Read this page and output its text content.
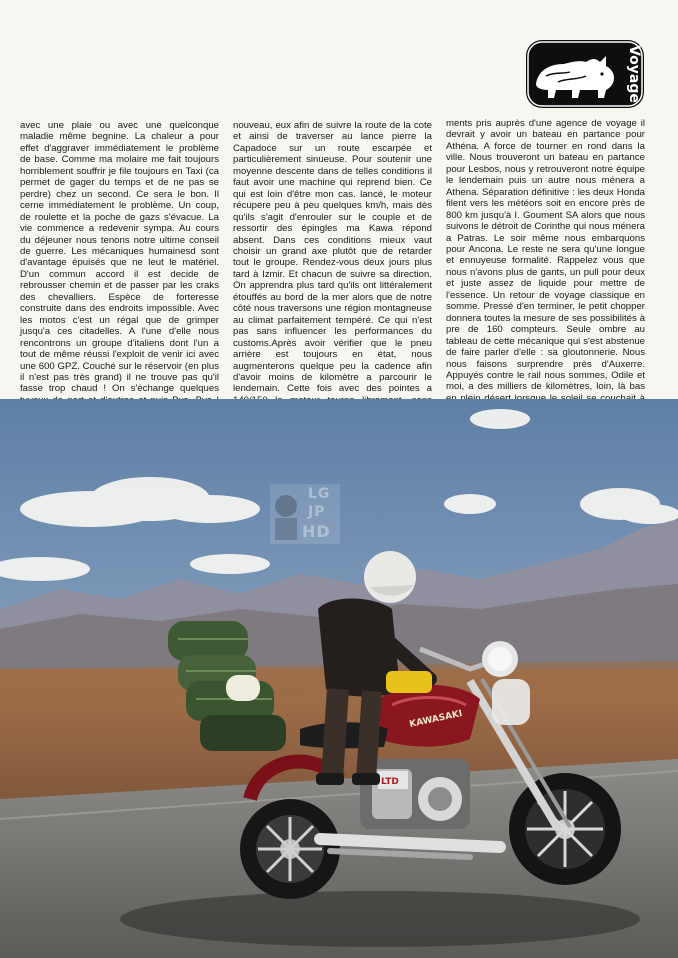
Voyage

avec une plaie ou avec une quelconque maladie même begnine. La chaleur a pour effet d'aggraver immédiatement le problème de base. Comme ma molaire me fait toujours horriblement souffrir je file toujours en Taxi (ca permet de gager du temps et de ne pas se perdre) chez un second. Ce sera le bon. Il cerne immédiatement le problème. Un coup, de roulette et la poche de gazs s'évacue. La vie commence a redevenir sympa. Au cours du déjeuner nous tenons notre ultime conseil de guerre. Les mécaniques humainesd sont d'avantage épuisés que ne leut le matériel. D'un commun accord il est decide de rebrousser chemin et de passer par les craks des chevalliers. Espèce de forteresse construite dans des endroits impossible. Avec les motos c'est un régal que de grimper jusqu'a ces citadelles. A l'une d'elle nous rencontrons un groupe d'italiens dont l'un a tout de même réussi l'exploit de venir ici avec une 600 GPZ. Couché sur le réservoir (en plus il n'est pas très grand) il ne trouve pas qu'il fasse trop chaud ! On s'échange quelques

nouveau, eux afin de suivre la route de la cote et ainsi de traverser au lance pierre la Capadoce sur un route escarpée et particulièrement sinueuse. Pour soutenir une moyenne descente dans de telles conditions il faut avoir une machine qui reprend bien. Ce qui est loin d'être mon cas. lancé, le moteur récupere peu à peu quelques km/h, mais dès qu'ils s'agit d'enrouler sur le couple et de ressortir des épingles ma Kawa répond absent. Dans ces conditions mieux vaut choisir un grand axe plutôt que de retarder tout le groupe. Rendez-vous deux jours plus tard à Izmir. Et chacun de suivre sa direction. On apprendra plus tard qu'ils ont littéralement étouffés au bord de la mer alors que de notre côté nous traversons une région montagneuse au climat parfaitement tempéré. Ce qui n'est pas sans influencer les performances du customs.Après avoir vérifier que le pneu arrière est toujours en état, nous augmenterons quelque peu la cadence afin d'avoir moins de kilomètre a parcourir le lendemain. Cette fois avec des pointes a

ments pris auprès d'une agence de voyage il devrait y avoir un bateau en partance pour Athéna. A force de tourner en rond dans la ville. Nous trouveront un bateau en partance pour Lesbos, nous y retrouveront notre équipe le lendemain puis un autre nous ménera a Athena. Séparation définitive : les deux Honda filent vers les météors soit en encore près de 800 km jusqu'à I. Goument SA alors que nous suivons le détroit de Corinthe qui nous ménera a Patras. Le soir même nous embarquons pour Ancona. Le reste ne sera qu'une longue et ennuyeuse formalité. Rappelez vous que nous n'avons plus de gants, un pull pour deux et juste assez de liquide pour mettre de l'essence. Un retour de voyage classique en somme. Pressé d'en terminer, le petit chopper donnera toutes la mesure de ses possibilités à pre de 160 compteurs. Seule ombre au tableau de cette mécanique qui s'est abstenue de faire parler d'elle : sa gloutonnerie. Nous nous faisons surprendre près d'Auxerre. Appuyés contre le rail nous sommes, Odile et moi, a des milliers de kilomètres, loin, là bas

KAWASAKI
LTD
LG
JP
HD
